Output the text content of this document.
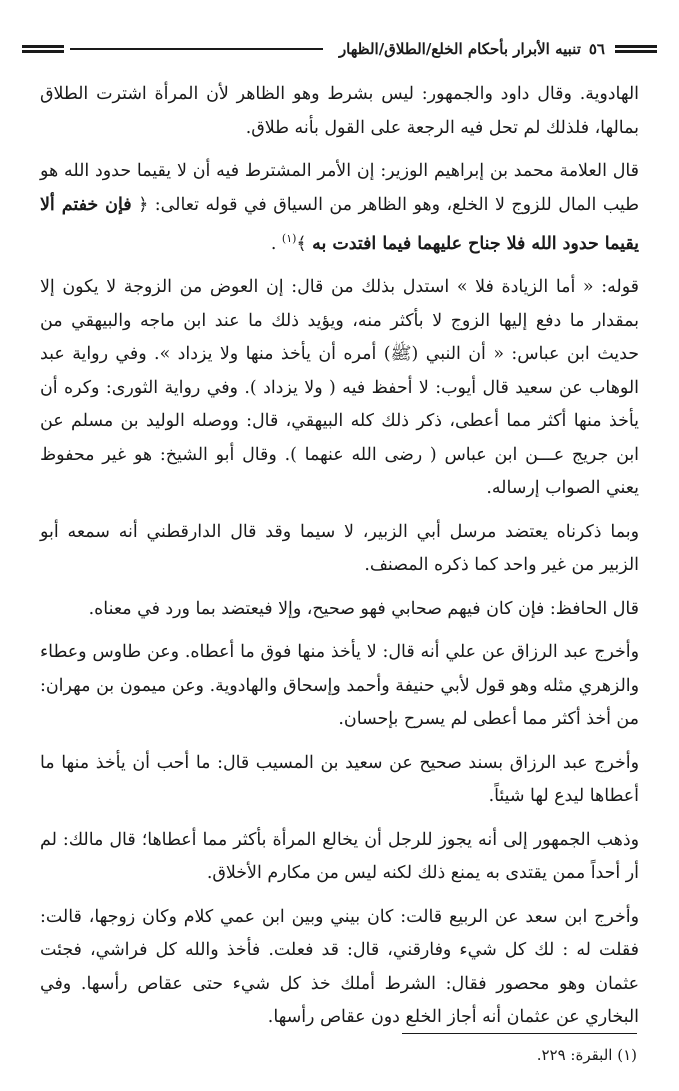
٥٦
تنبيه الأبرار بأحكام الخلع/الطلاق/الظهار

الهادوية. وقال داود والجمهور: ليس بشرط وهو الظاهر لأن المرأة اشترت الطلاق بمالها، فلذلك لم تحل فيه الرجعة على القول بأنه طلاق.

قال العلامة محمد بن إبراهيم الوزير: إن الأمر المشترط فيه أن لا يقيما حدود الله هو طيب المال للزوج لا الخلع، وهو الظاهر من السياق في قوله تعالى: ﴿ فإن خفتم ألا يقيما حدود الله فلا جناح عليهما فيما افتدت به ﴾$^{(١)}$ .

قوله: « أما الزيادة فلا » استدل بذلك من قال: إن العوض من الزوجة لا يكون إلا بمقدار ما دفع إليها الزوج لا بأكثر منه، ويؤيد ذلك ما عند ابن ماجه والبيهقي من حديث ابن عباس: « أن النبي (ﷺ) أمره أن يأخذ منها ولا يزداد ». وفي رواية عبد الوهاب عن سعيد قال أيوب: لا أحفظ فيه ( ولا يزداد ). وفي رواية الثورى: وكره أن يأخذ منها أكثر مما أعطى، ذكر ذلك كله البيهقي، قال: ووصله الوليد بن مسلم عن ابن جريج عـــن ابن عباس ( رضى الله عنهما ). وقال أبو الشيخ: هو غير محفوظ يعني الصواب إرساله.

وبما ذكرناه يعتضد مرسل أبي الزبير، لا سيما وقد قال الدارقطني أنه سمعه أبو الزبير من غير واحد كما ذكره المصنف.

قال الحافظ: فإن كان فيهم صحابي فهو صحيح، وإلا فيعتضد بما ورد في معناه.

وأخرج عبد الرزاق عن علي أنه قال: لا يأخذ منها فوق ما أعطاه. وعن طاوس وعطاء والزهري مثله وهو قول لأبي حنيفة وأحمد وإسحاق والهادوية. وعن ميمون بن مهران: من أخذ أكثر مما أعطى لم يسرح بإحسان.

وأخرج عبد الرزاق بسند صحيح عن سعيد بن المسيب قال: ما أحب أن يأخذ منها ما أعطاها ليدع لها شيئاً.

وذهب الجمهور إلى أنه يجوز للرجل أن يخالع المرأة بأكثر مما أعطاها؛ قال مالك: لم أر أحداً ممن يقتدى به يمنع ذلك لكنه ليس من مكارم الأخلاق.

وأخرج ابن سعد عن الربيع قالت: كان بيني وبين ابن عمي كلام وكان زوجها، قالت: فقلت له : لك كل شيء وفارقني، قال: قد فعلت. فأخذ والله كل فراشي، فجئت عثمان وهو محصور فقال: الشرط أملك خذ كل شيء حتى عقاص رأسها. وفي البخاري عن عثمان أنه أجاز الخلع دون عقاص رأسها.

(١) البقرة: ٢٢٩.
